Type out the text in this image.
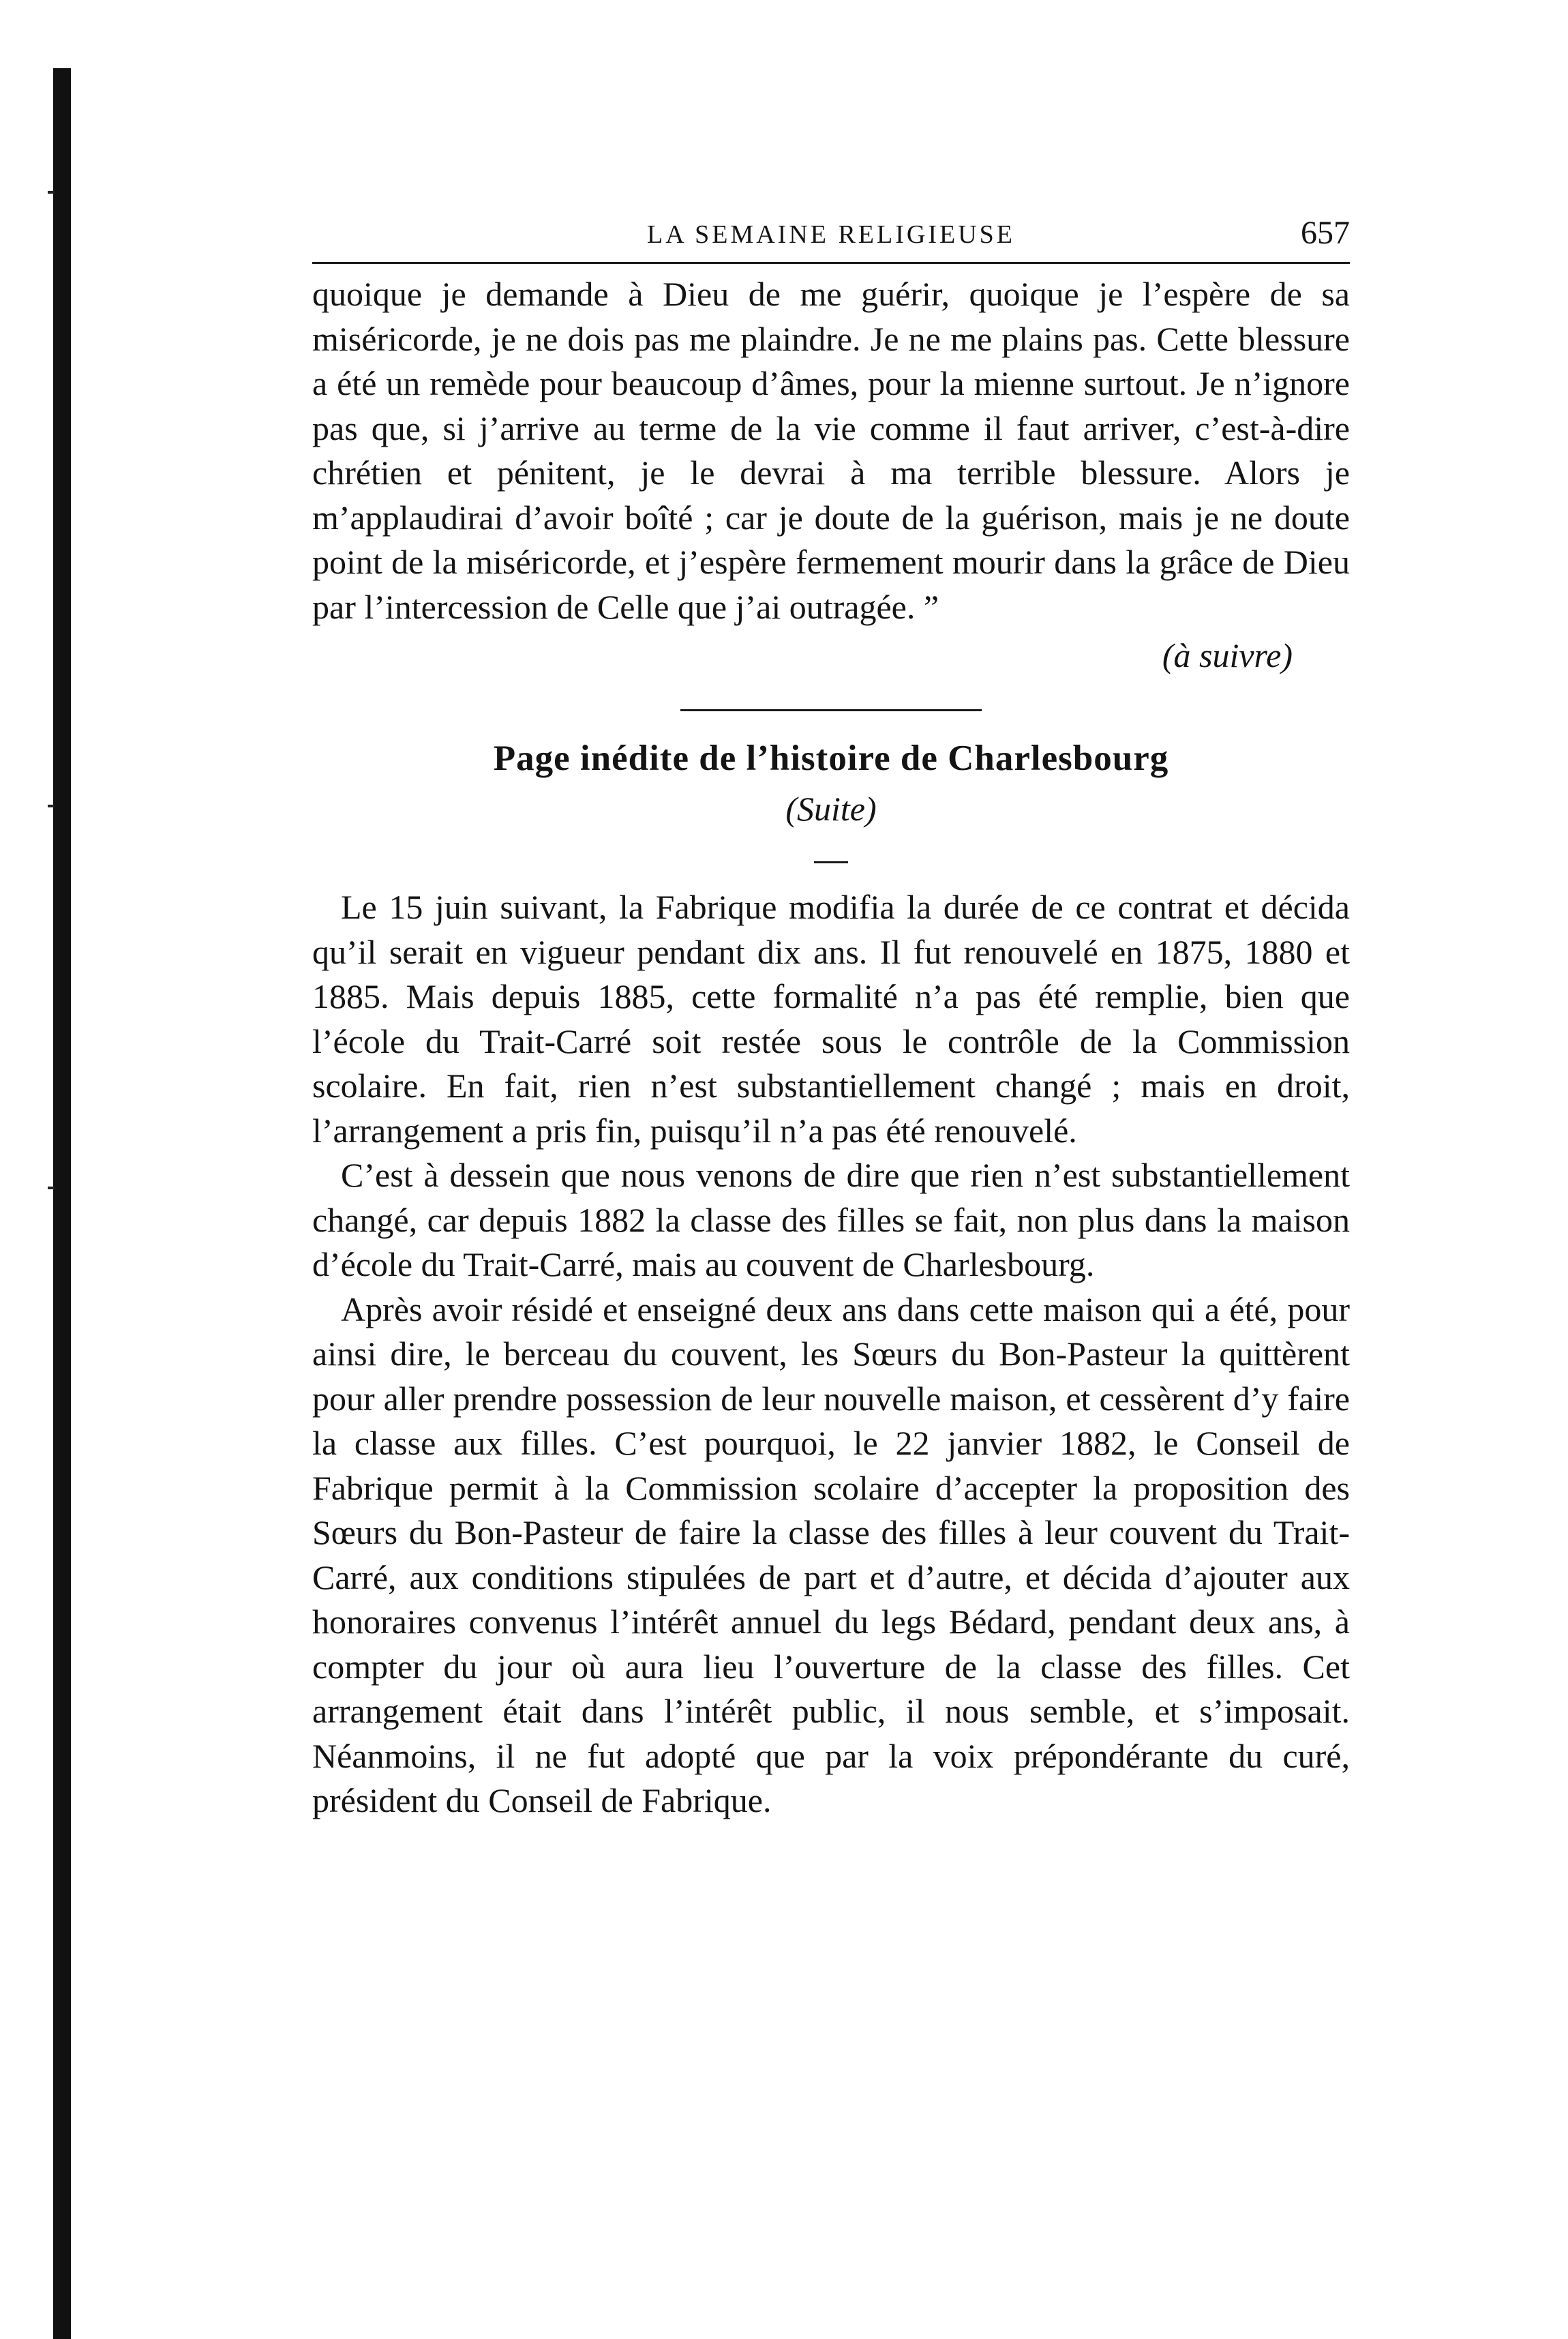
LA SEMAINE RELIGIEUSE	657

quoique je demande à Dieu de me guérir, quoique je l’espère de sa miséricorde, je ne dois pas me plaindre. Je ne me plains pas. Cette blessure a été un remède pour beaucoup d’âmes, pour la mienne surtout. Je n’ignore pas que, si j’arrive au terme de la vie comme il faut arriver, c’est-à-dire chrétien et pénitent, je le devrai à ma terrible blessure. Alors je m’applaudirai d’avoir boîté ; car je doute de la guérison, mais je ne doute point de la miséricorde, et j’espère fermement mourir dans la grâce de Dieu par l’intercession de Celle que j’ai outragée. ”

(à suivre)

Page inédite de l’histoire de Charlesbourg
(Suite)

Le 15 juin suivant, la Fabrique modifia la durée de ce contrat et décida qu’il serait en vigueur pendant dix ans. Il fut renouvelé en 1875, 1880 et 1885. Mais depuis 1885, cette formalité n’a pas été remplie, bien que l’école du Trait-Carré soit restée sous le contrôle de la Commission scolaire. En fait, rien n’est substantiellement changé ; mais en droit, l’arrangement a pris fin, puisqu’il n’a pas été renouvelé.

C’est à dessein que nous venons de dire que rien n’est substantiellement changé, car depuis 1882 la classe des filles se fait, non plus dans la maison d’école du Trait-Carré, mais au couvent de Charlesbourg.

Après avoir résidé et enseigné deux ans dans cette maison qui a été, pour ainsi dire, le berceau du couvent, les Sœurs du Bon-Pasteur la quittèrent pour aller prendre possession de leur nouvelle maison, et cessèrent d’y faire la classe aux filles. C’est pourquoi, le 22 janvier 1882, le Conseil de Fabrique permit à la Commission scolaire d’accepter la proposition des Sœurs du Bon-Pasteur de faire la classe des filles à leur couvent du Trait-Carré, aux conditions stipulées de part et d’autre, et décida d’ajouter aux honoraires convenus l’intérêt annuel du legs Bédard, pendant deux ans, à compter du jour où aura lieu l’ouverture de la classe des filles. Cet arrangement était dans l’intérêt public, il nous semble, et s’imposait. Néanmoins, il ne fut adopté que par la voix prépondérante du curé, président du Conseil de Fabrique.
